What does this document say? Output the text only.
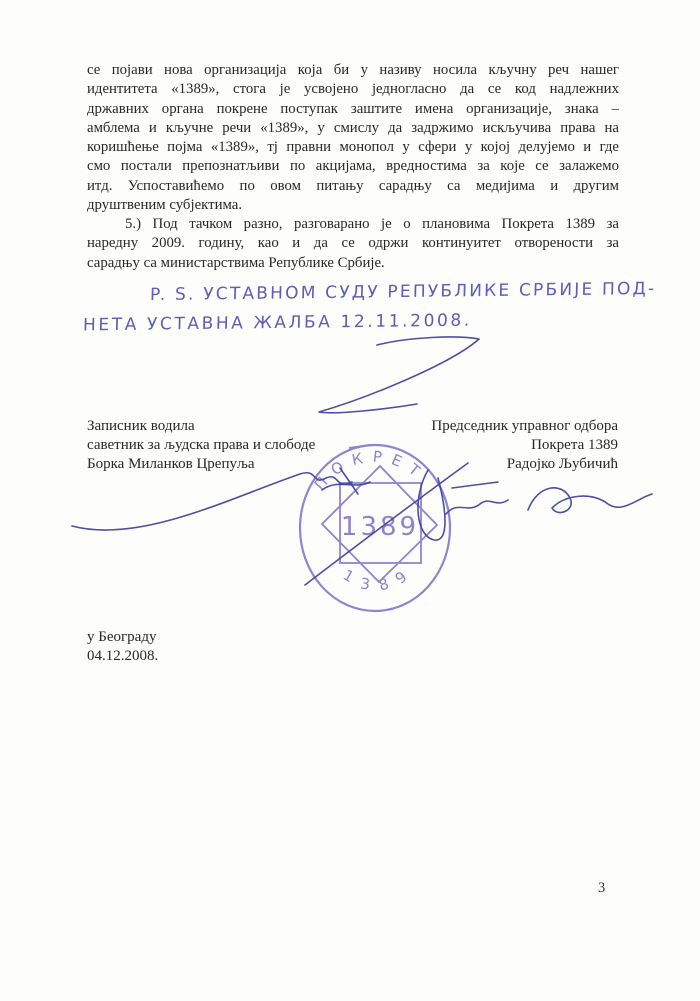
се појави нова организација која би у називу носила кључну реч нашег
идентитета «1389», стога је усвојено једногласно да се код надлежних
државних органа покрене поступак заштите имена организације, знака –
амблема и кључне речи «1389», у смислу да задржимо искључива права на
коришћење појма «1389», тј правни монопол у сфери у којој делујемо и где
смо постали препознатљиви по акцијама, вредностима за које се залажемо
итд. Успоставићемо по овом питању сарадњу са медијима и другим
друштвеним субјектима.
5.) Под тачком разно, разговарано је о плановима Покрета 1389 за
наредну 2009. годину, као и да се одржи континуитет отворености за
сарадњу са министарствима Републике Србије.
P. S. УСТАВНОМ СУДУ РЕПУБЛИКЕ СРБИЈЕ ПОД-
НЕТА УСТАВНА ЖАЛБА 12.11.2008.
Записник водила
саветник за људска права и слободе
Борка Миланков Црепуља
Председник управног одбора
Покрета 1389
Радојко Љубичић
ПОКРЕТ
1389
1389
у Београду
04.12.2008.
3
